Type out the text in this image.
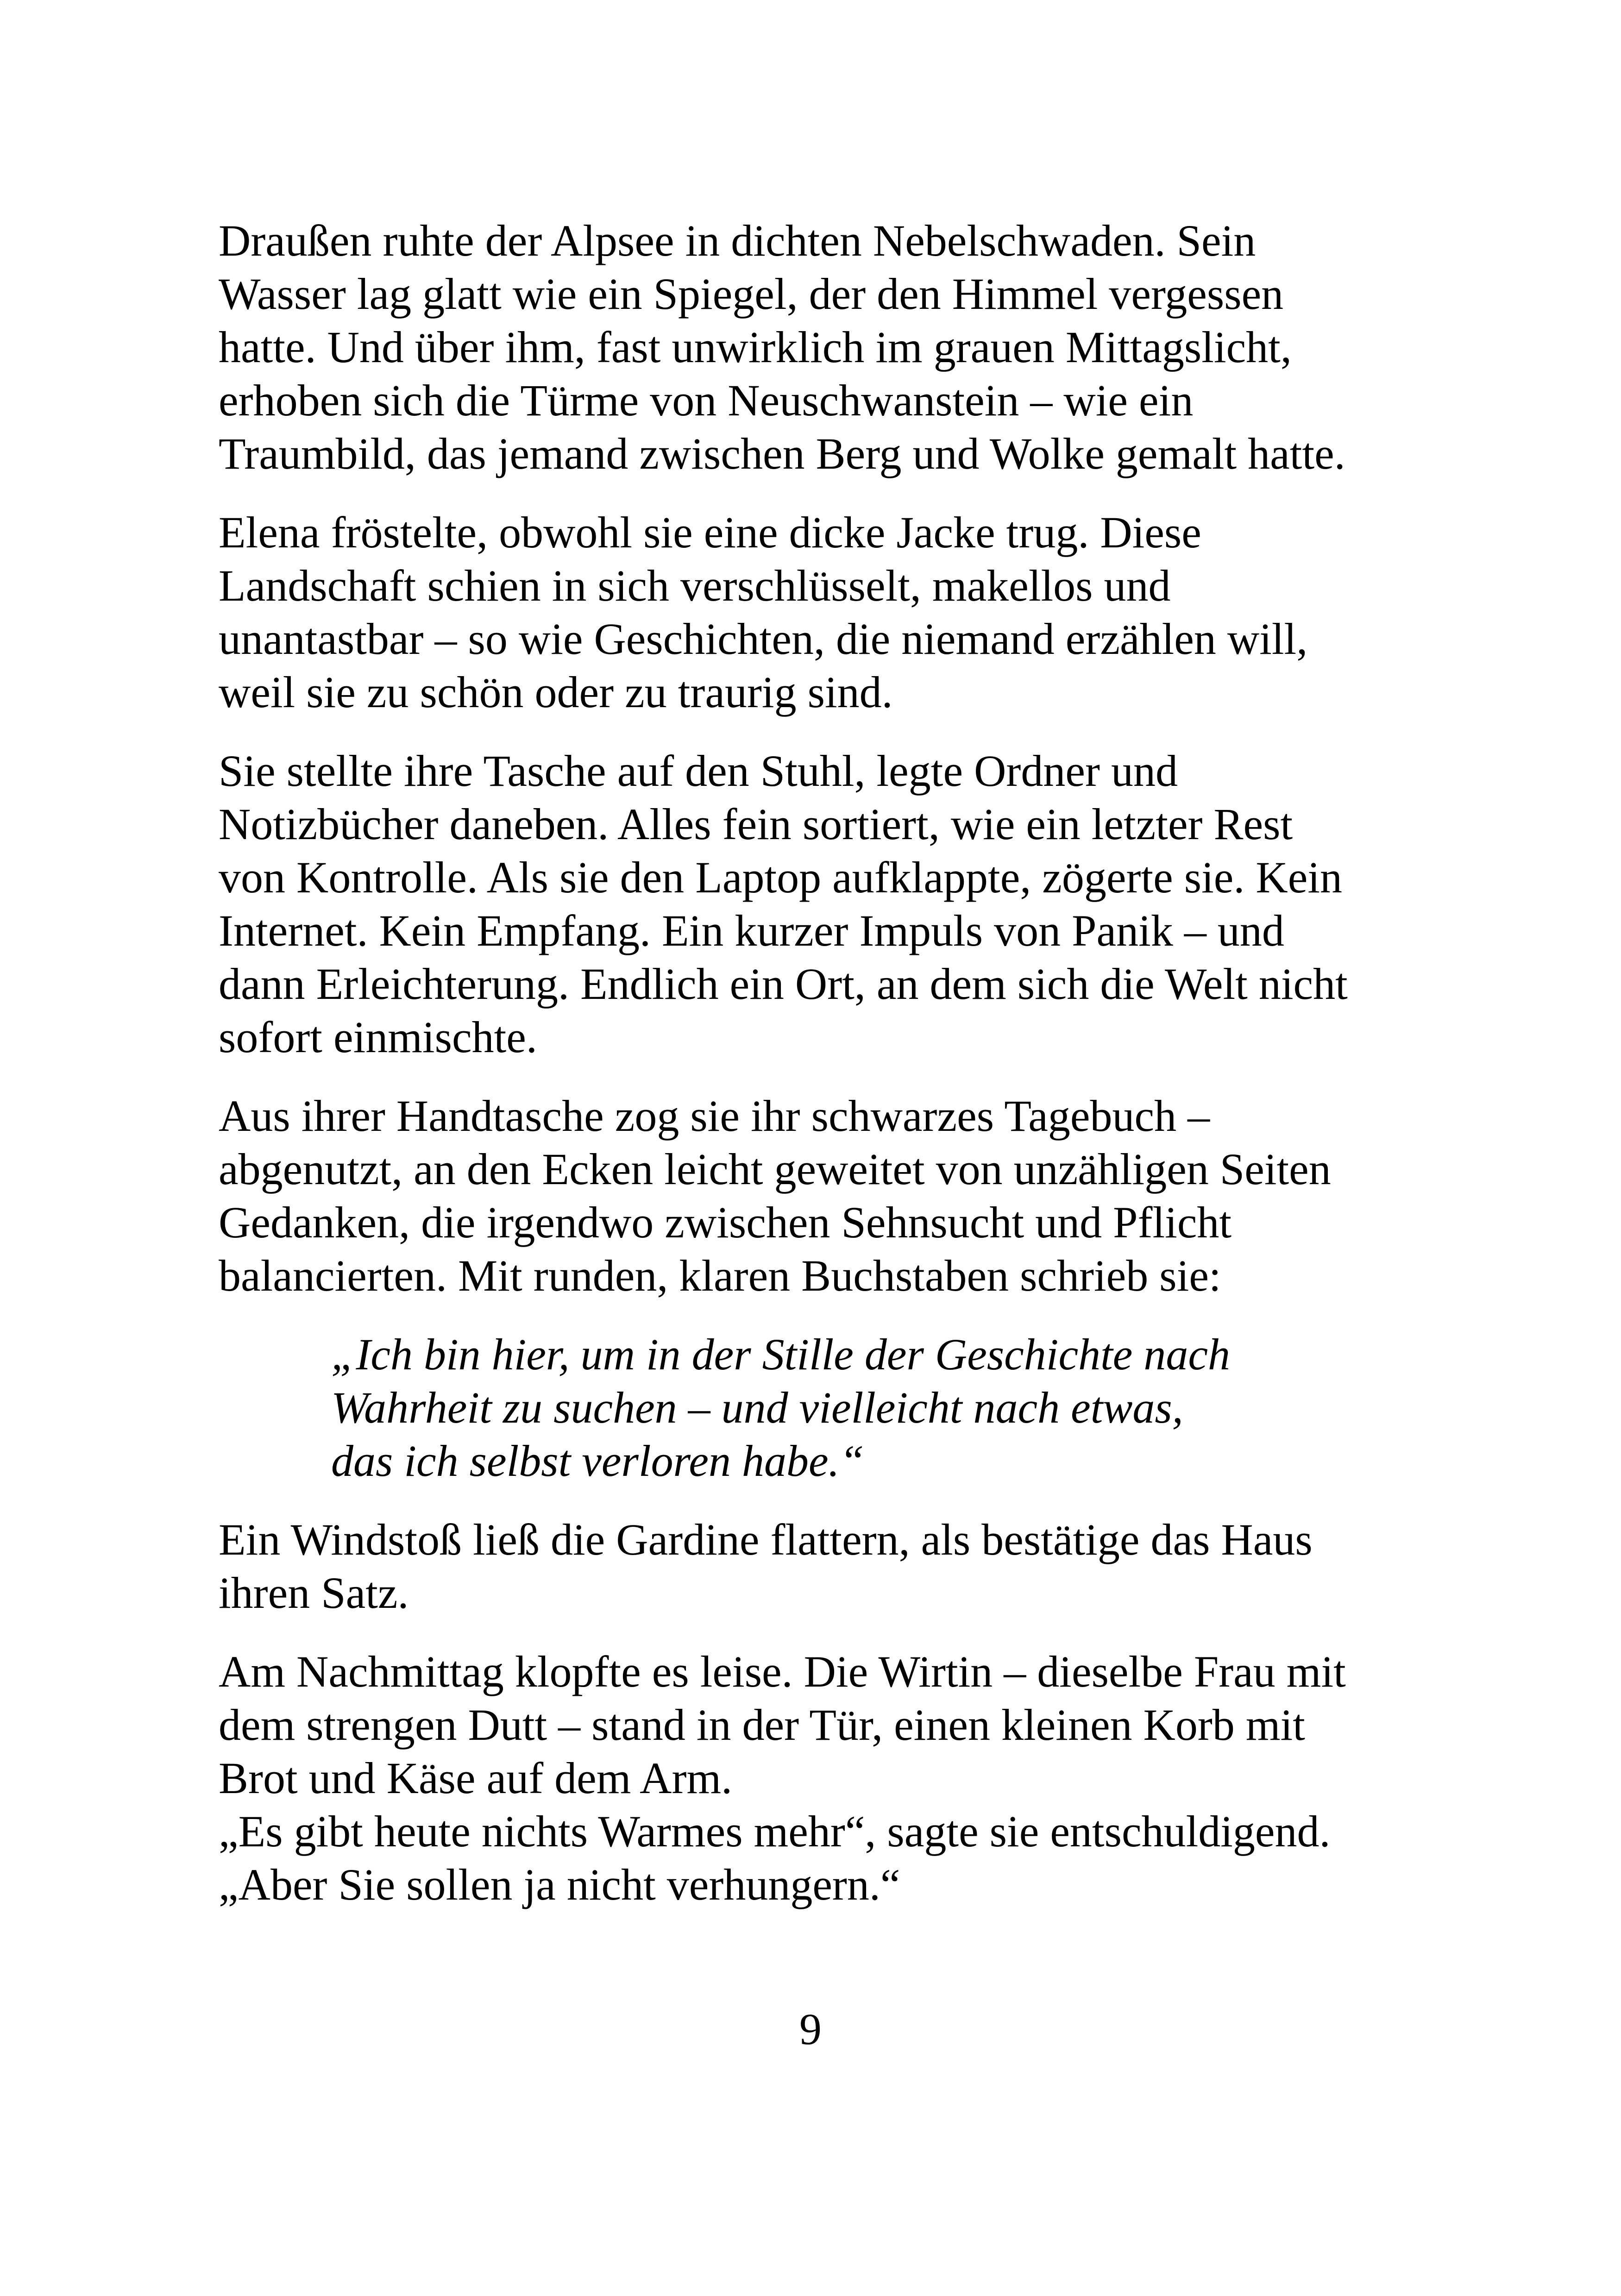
Draußen ruhte der Alpsee in dichten Nebelschwaden. Sein
Wasser lag glatt wie ein Spiegel, der den Himmel vergessen
hatte. Und über ihm, fast unwirklich im grauen Mittagslicht,
erhoben sich die Türme von Neuschwanstein – wie ein
Traumbild, das jemand zwischen Berg und Wolke gemalt hatte.
Elena fröstelte, obwohl sie eine dicke Jacke trug. Diese
Landschaft schien in sich verschlüsselt, makellos und
unantastbar – so wie Geschichten, die niemand erzählen will,
weil sie zu schön oder zu traurig sind.
Sie stellte ihre Tasche auf den Stuhl, legte Ordner und
Notizbücher daneben. Alles fein sortiert, wie ein letzter Rest
von Kontrolle. Als sie den Laptop aufklappte, zögerte sie. Kein
Internet. Kein Empfang. Ein kurzer Impuls von Panik – und
dann Erleichterung. Endlich ein Ort, an dem sich die Welt nicht
sofort einmischte.
Aus ihrer Handtasche zog sie ihr schwarzes Tagebuch –
abgenutzt, an den Ecken leicht geweitet von unzähligen Seiten
Gedanken, die irgendwo zwischen Sehnsucht und Pflicht
balancierten. Mit runden, klaren Buchstaben schrieb sie:
„Ich bin hier, um in der Stille der Geschichte nach
Wahrheit zu suchen – und vielleicht nach etwas,
das ich selbst verloren habe.“
Ein Windstoß ließ die Gardine flattern, als bestätige das Haus
ihren Satz.
Am Nachmittag klopfte es leise. Die Wirtin – dieselbe Frau mit
dem strengen Dutt – stand in der Tür, einen kleinen Korb mit
Brot und Käse auf dem Arm.
„Es gibt heute nichts Warmes mehr“, sagte sie entschuldigend.
„Aber Sie sollen ja nicht verhungern.“
9
